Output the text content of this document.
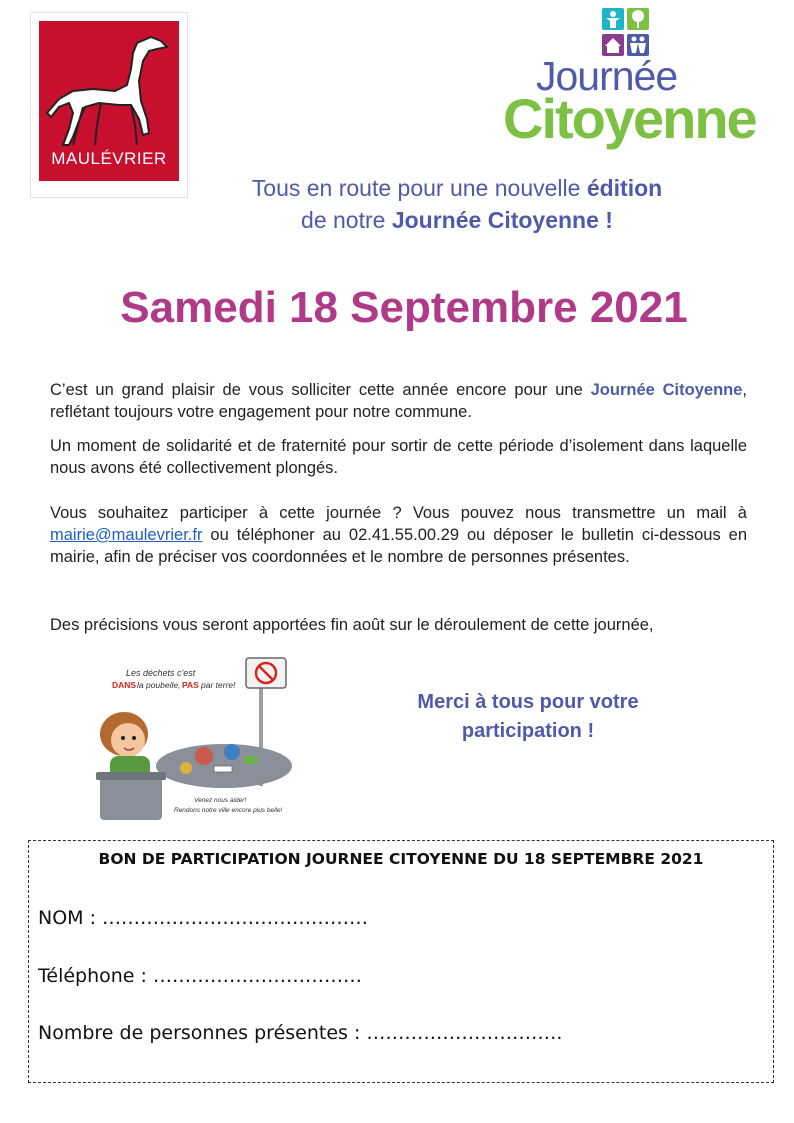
MAULÉVRIER
Journée
Citoyenne
Tous en route pour une nouvelle édition
de notre Journée Citoyenne !
Samedi 18 Septembre 2021
C’est un grand plaisir de vous solliciter cette année encore pour une Journée Citoyenne, reflétant toujours votre engagement pour notre commune.
Un moment de solidarité et de fraternité pour sortir de cette période d’isolement dans laquelle nous avons été collectivement plongés.
Vous souhaitez participer à cette journée ? Vous pouvez nous transmettre un mail à mairie@maulevrier.fr ou téléphoner au 02.41.55.00.29 ou déposer le bulletin ci-dessous en mairie, afin de préciser vos coordonnées et le nombre de personnes présentes.
Des précisions vous seront apportées fin août sur le déroulement de cette journée,
Les déchets c'est
DANS la poubelle, PAS par terre!
Venez nous aider!
Rendons notre ville encore plus belle!
Merci à tous pour votre
participation !
BON DE PARTICIPATION JOURNEE CITOYENNE DU 18 SEPTEMBRE 2021
NOM : ……………………………………
Téléphone : ……………………………
Nombre de personnes présentes : ………………………….
